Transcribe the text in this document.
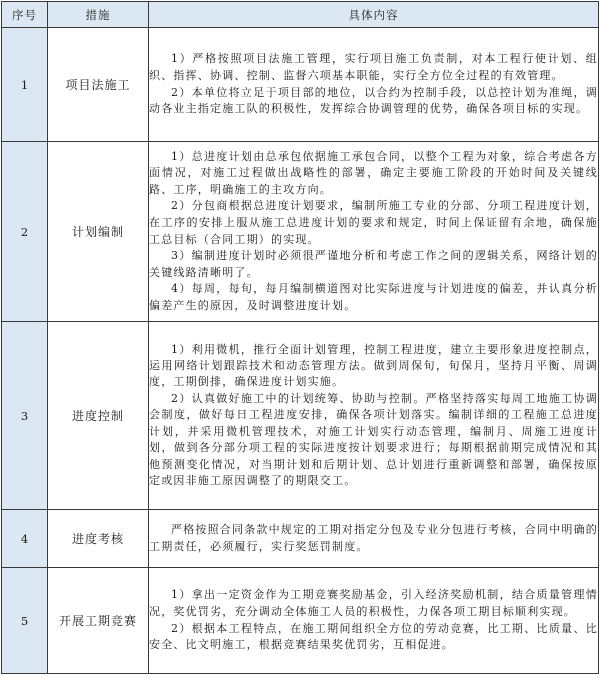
序号	措施	具体内容
1	项目法施工	1）严格按照项目法施工管理，实行项目施工负责制，对本工程行使计划、组织、指挥、协调、控制、监督六项基本职能，实行全方位全过程的有效管理。

2）本单位将立足于项目部的地位，以合约为控制手段，以总控计划为准绳，调动各业主指定施工队的积极性，发挥综合协调管理的优势，确保各项目标的实现。

2	计划编制	1）总进度计划由总承包依据施工承包合同，以整个工程为对象，综合考虑各方面情况，对施工过程做出战略性的部署，确定主要施工阶段的开始时间及关键线路、工序，明确施工的主攻方向。

2）分包商根据总进度计划要求，编制所施工专业的分部、分项工程进度计划，在工序的安排上服从施工总进度计划的要求和规定，时间上保证留有余地，确保施工总目标（合同工期）的实现。

3）编制进度计划时必须很严谨地分析和考虑工作之间的逻辑关系，网络计划的关键线路清晰明了。

4）每周，每旬，每月编制横道图对比实际进度与计划进度的偏差，并认真分析偏差产生的原因，及时调整进度计划。

3	进度控制	1）利用微机，推行全面计划管理，控制工程进度，建立主要形象进度控制点，运用网络计划跟踪技术和动态管理方法。做到周保旬，旬保月，坚持月平衡、周调度，工期倒排，确保进度计划实施。

2）认真做好施工中的计划统筹、协助与控制。严格坚持落实每周工地施工协调会制度，做好每日工程进度安排，确保各项计划落实。编制详细的工程施工总进度计划，并采用微机管理技术，对施工计划实行动态管理，编制月、周施工进度计划，做到各分部分项工程的实际进度按计划要求进行；每期根据前期完成情况和其他预测变化情况，对当期计划和后期计划、总计划进行重新调整和部署，确保按原定或因非施工原因调整了的期限交工。

4	进度考核	严格按照合同条款中规定的工期对指定分包及专业分包进行考核，合同中明确的工期责任，必须履行，实行奖惩罚制度。

5	开展工期竞赛	1）拿出一定资金作为工期竞赛奖励基金，引入经济奖励机制，结合质量管理情况，奖优罚劣，充分调动全体施工人员的积极性，力保各项工期目标顺利实现。

2）根据本工程特点，在施工期间组织全方位的劳动竞赛，比工期、比质量、比安全、比文明施工，根据竞赛结果奖优罚劣，互相促进。
